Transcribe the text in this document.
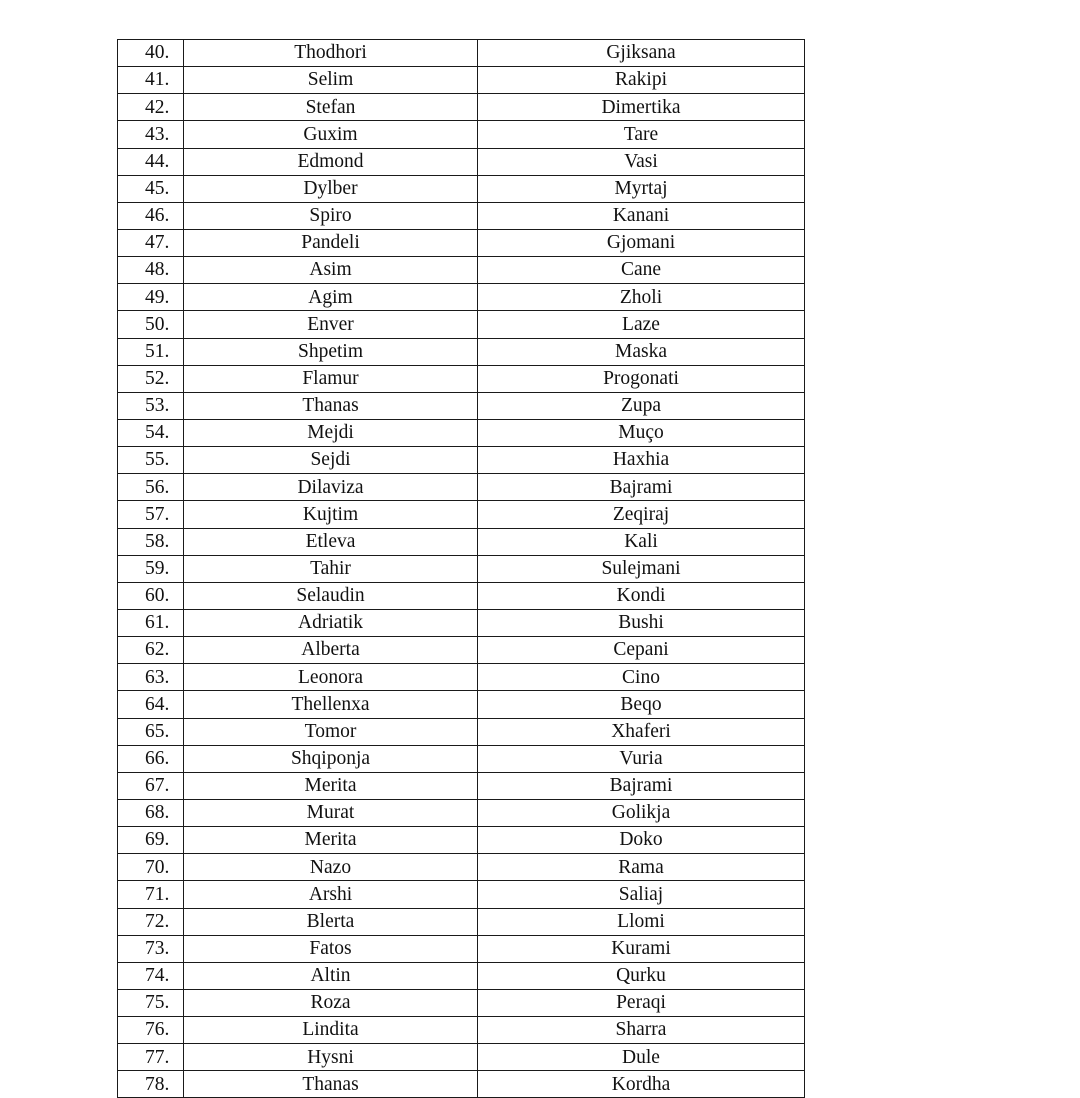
40.	Thodhori	Gjiksana
41.	Selim	Rakipi
42.	Stefan	Dimertika
43.	Guxim	Tare
44.	Edmond	Vasi
45.	Dylber	Myrtaj
46.	Spiro	Kanani
47.	Pandeli	Gjomani
48.	Asim	Cane
49.	Agim	Zholi
50.	Enver	Laze
51.	Shpetim	Maska
52.	Flamur	Progonati
53.	Thanas	Zupa
54.	Mejdi	Muço
55.	Sejdi	Haxhia
56.	Dilaviza	Bajrami
57.	Kujtim	Zeqiraj
58.	Etleva	Kali
59.	Tahir	Sulejmani
60.	Selaudin	Kondi
61.	Adriatik	Bushi
62.	Alberta	Cepani
63.	Leonora	Cino
64.	Thellenxa	Beqo
65.	Tomor	Xhaferi
66.	Shqiponja	Vuria
67.	Merita	Bajrami
68.	Murat	Golikja
69.	Merita	Doko
70.	Nazo	Rama
71.	Arshi	Saliaj
72.	Blerta	Llomi
73.	Fatos	Kurami
74.	Altin	Qurku
75.	Roza	Peraqi
76.	Lindita	Sharra
77.	Hysni	Dule
78.	Thanas	Kordha
